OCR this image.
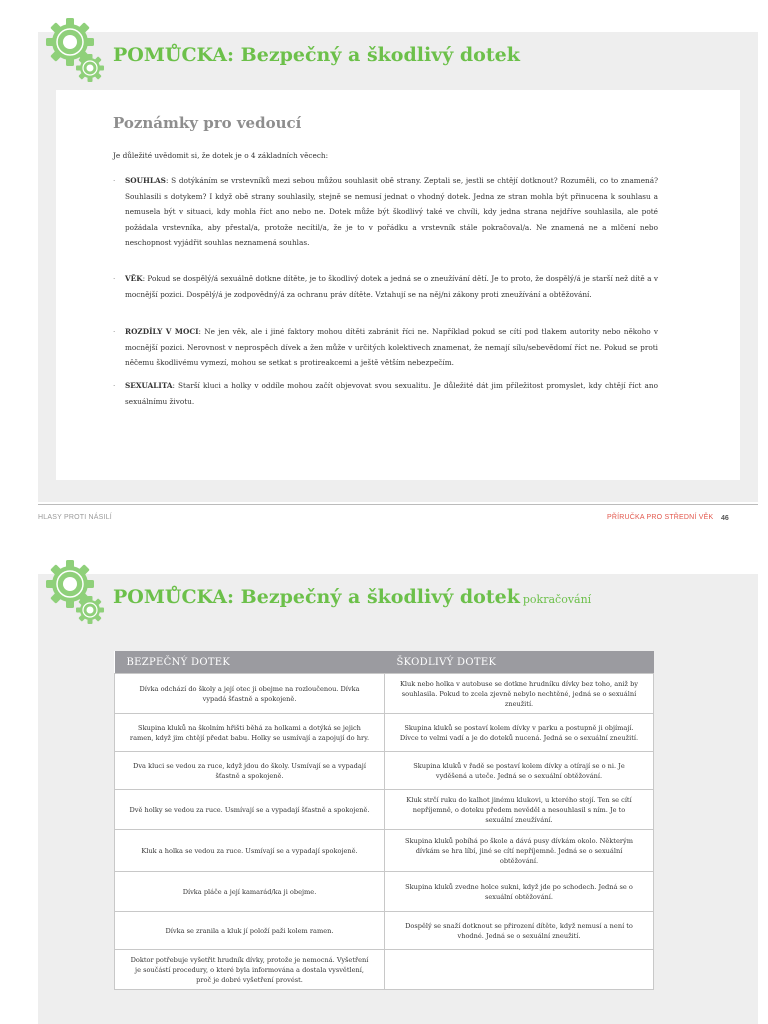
POMŮCKA: Bezpečný a škodlivý dotek
Poznámky pro vedoucí
Je důležité uvědomit si, že dotek je o 4 základních věcech:
· SOUHLAS: S dotýkáním se vrstevníků mezi sebou můžou souhlasit obě strany. Zeptali se, jestli se chtějí dotknout? Rozuměli, co to znamená? Souhlasili s dotykem? I když obě strany souhlasily, stejně se nemusí jednat o vhodný dotek. Jedna ze stran mohla být přinucena k souhlasu a nemusela být v situaci, kdy mohla říct ano nebo ne. Dotek může být škodlivý také ve chvíli, kdy jedna strana nejdříve souhlasila, ale poté požádala vrstevníka, aby přestal/a, protože necítil/a, že je to v pořádku a vrstevník stále pokračoval/a. Ne znamená ne a mlčení nebo neschopnost vyjádřit souhlas neznamená souhlas.
· VĚK: Pokud se dospělý/á sexuálně dotkne dítěte, je to škodlivý dotek a jedná se o zneužívání dětí. Je to proto, že dospělý/á je starší než dítě a v mocnější pozici. Dospělý/á je zodpovědný/á za ochranu práv dítěte. Vztahují se na něj/ni zákony proti zneužívání a obtěžování.
· ROZDÍLY V MOCI: Ne jen věk, ale i jiné faktory mohou dítěti zabránit říci ne. Například pokud se cítí pod tlakem autority nebo někoho v mocnější pozici. Nerovnost v neprospěch dívek a žen může v určitých kolektivech znamenat, že nemají sílu/sebevědomí říct ne. Pokud se proti něčemu škodlivému vymezí, mohou se setkat s protireakcemi a ještě větším nebezpečím.
· SEXUALITA: Starší kluci a holky v oddíle mohou začít objevovat svou sexualitu. Je důležité dát jim příležitost promyslet, kdy chtějí říct ano sexuálnímu životu.
HLASY PROTI NÁSILÍ	PŘÍRUČKA PRO STŘEDNÍ VĚK 46
POMŮCKA: Bezpečný a škodlivý dotek pokračování
BEZPEČNÝ DOTEK	ŠKODLIVÝ DOTEK
Dívka odchází do školy a její otec ji obejme na rozloučenou. Dívka vypadá šťastně a spokojeně.	Kluk nebo holka v autobuse se dotkne hrudníku dívky bez toho, aniž by souhlasila. Pokud to zcela zjevně nebylo nechtěné, jedná se o sexuální zneužití.
Skupina kluků na školním hřišti běhá za holkami a dotýká se jejich ramen, když jim chtějí předat babu. Holky se usmívají a zapojují do hry.	Skupina kluků se postaví kolem dívky v parku a postupně ji objímají. Dívce to velmi vadí a je do doteků nucená. Jedná se o sexuální zneužití.
Dva kluci se vedou za ruce, když jdou do školy. Usmívají se a vypadají šťastně a spokojeně.	Skupina kluků v řadě se postaví kolem dívky a otírají se o ni. Je vyděšená a uteče. Jedná se o sexuální obtěžování.
Dvě holky se vedou za ruce. Usmívají se a vypadají šťastně a spokojeně.	Kluk strčí ruku do kalhot jinému klukovi, u kterého stojí. Ten se cítí nepříjemně, o doteku předem nevěděl a nesouhlasil s ním. Je to sexuální zneužívání.
Kluk a holka se vedou za ruce. Usmívají se a vypadají spokojeně.	Skupina kluků pobíhá po škole a dává pusy dívkám okolo. Některým dívkám se hra líbí, jiné se cítí nepříjemně. Jedná se o sexuální obtěžování.
Dívka pláče a její kamarád/ka ji obejme.	Skupina kluků zvedne holce sukni, když jde po schodech. Jedná se o sexuální obtěžování.
Dívka se zranila a kluk jí položí paži kolem ramen.	Dospělý se snaží dotknout se přirození dítěte, když nemusí a není to vhodné. Jedná se o sexuální zneužití.
Doktor potřebuje vyšetřit hrudník dívky, protože je nemocná. Vyšetření je součástí procedury, o které byla informována a dostala vysvětlení, proč je dobré vyšetření provést.	
